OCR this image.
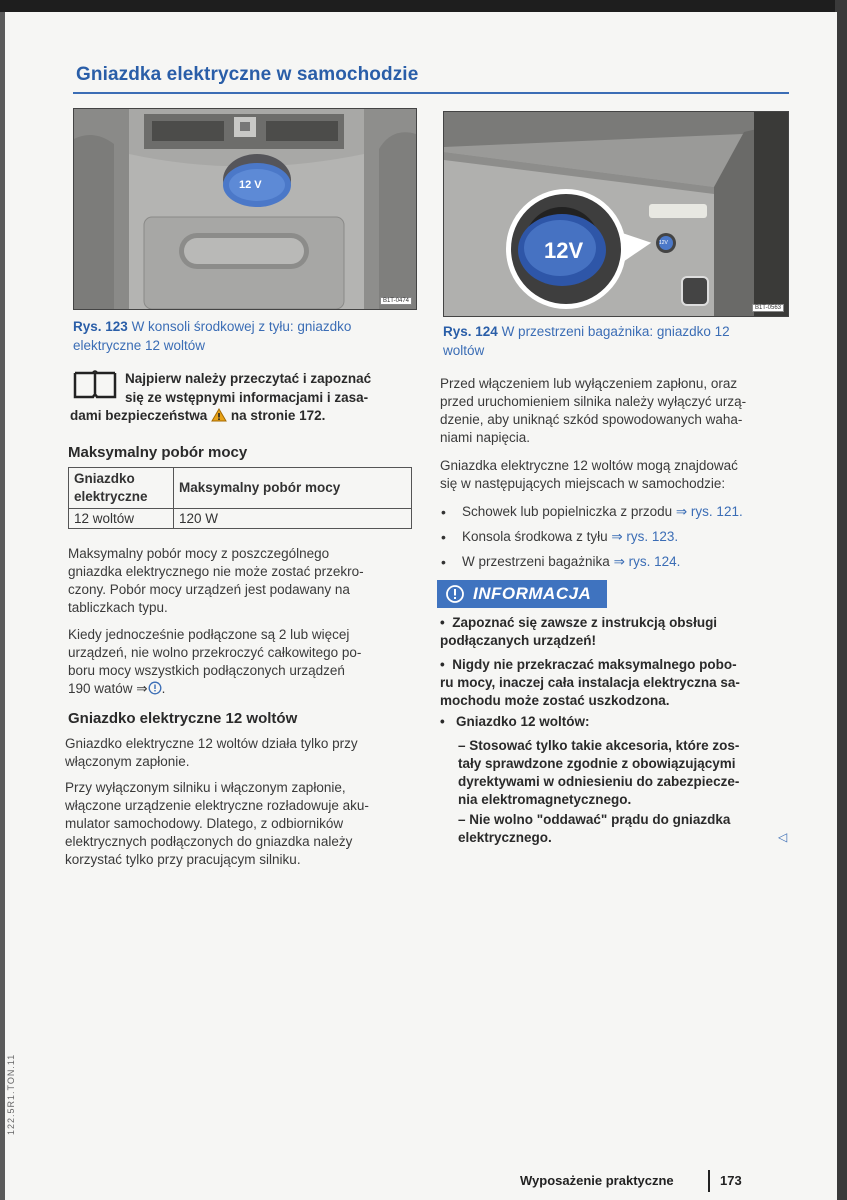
Gniazdka elektryczne w samochodzie
12 V
B1T-0474
Rys. 123 W konsoli środkowej z tyłu: gniazdko elektryczne 12 woltów
12V	12V
B1T-0563
Rys. 124 W przestrzeni bagażnika: gniazdko 12 woltów
Najpierw należy przeczytać i zapoznać
się ze wstępnymi informacjami i zasa-
dami bezpieczeństwa na stronie 172.
Maksymalny pobór mocy
Gniazdko
elektryczne	Maksymalny pobór mocy
12 woltów	120 W
Maksymalny pobór mocy z poszczególnego
gniazdka elektrycznego nie może zostać przekro-
czony. Pobór mocy urządzeń jest podawany na
tabliczkach typu.
Kiedy jednocześnie podłączone są 2 lub więcej
urządzeń, nie wolno przekroczyć całkowitego po-
boru mocy wszystkich podłączonych urządzeń
190 watów ⇒ .
Gniazdko elektryczne 12 woltów
Gniazdko elektryczne 12 woltów działa tylko przy
włączonym zapłonie.
Przy wyłączonym silniku i włączonym zapłonie,
włączone urządzenie elektryczne rozładowuje aku-
mulator samochodowy. Dlatego, z odbiorników
elektrycznych podłączonych do gniazdka należy
korzystać tylko przy pracującym silniku.
Przed włączeniem lub wyłączeniem zapłonu, oraz
przed uruchomieniem silnika należy wyłączyć urzą-
dzenie, aby uniknąć szkód spowodowanych waha-
niami napięcia.
Gniazdka elektryczne 12 woltów mogą znajdować
się w następujących miejscach w samochodzie:
• Schowek lub popielniczka z przodu ⇒ rys. 121.
• Konsola środkowa z tyłu ⇒ rys. 123.
• W przestrzeni bagażnika ⇒ rys. 124.
INFORMACJA
•  Zapoznać się zawsze z instrukcją obsługi
podłączanych urządzeń!
•  Nigdy nie przekraczać maksymalnego pobo-
ru mocy, inaczej cała instalacja elektryczna sa-
mochodu może zostać uszkodzona.
•   Gniazdko 12 woltów:
– Stosować tylko takie akcesoria, które zos-
tały sprawdzone zgodnie z obowiązującymi
dyrektywami w odniesieniu do zabezpiecze-
nia elektromagnetycznego.
– Nie wolno "oddawać" prądu do gniazdka
elektrycznego.	◁
122.5R1.TON.11
Wyposażenie praktyczne	173
